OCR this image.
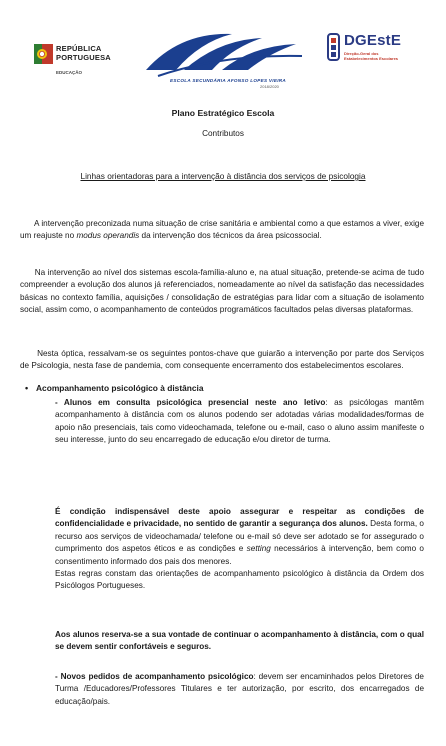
REPÚBLICA
PORTUGUESA
EDUCAÇÃO
ESCOLA SECUNDÁRIA AFONSO LOPES VIEIRA
2018/2020
DGEstE
Direção-Geral dos
Estabelecimentos Escolares
Plano Estratégico Escola
Contributos
Linhas orientadoras para a intervenção à distância dos serviços de psicologia
A intervenção preconizada numa situação de crise sanitária e ambiental como a que estamos a viver, exige um reajuste no modus operandis da intervenção dos técnicos da área psicossocial.
Na intervenção ao nível dos sistemas escola-família-aluno e, na atual situação, pretende-se acima de tudo compreender a evolução dos alunos já referenciados, nomeadamente ao nível da satisfação das necessidades básicas no contexto família, aquisições / consolidação de estratégias para lidar com a situação de isolamento social, assim como, o acompanhamento de conteúdos programáticos facultados pelas diversas plataformas.
Nesta óptica, ressalvam-se os seguintes pontos-chave que guiarão a intervenção por parte dos Serviços de Psicologia, nesta fase de pandemia, com consequente encerramento dos estabelecimentos escolares.
• Acompanhamento psicológico à distância
- Alunos em consulta psicológica presencial neste ano letivo: as psicólogas mantêm acompanhamento à distância com os alunos podendo ser adotadas várias modalidades/formas de apoio não presenciais, tais como videochamada, telefone ou e-mail, caso o aluno assim manifeste o seu interesse, junto do seu encarregado de educação e/ou diretor de turma.
É condição indispensável deste apoio assegurar e respeitar as condições de confidencialidade e privacidade, no sentido de garantir a segurança dos alunos. Desta forma, o recurso aos serviços de videochamada/ telefone ou e-mail só deve ser adotado se for assegurado o cumprimento dos aspetos éticos e as condições e setting necessários à intervenção, bem como o consentimento informado dos pais dos menores.
Estas regras constam das orientações de acompanhamento psicológico à distância da Ordem dos Psicólogos Portugueses.
Aos alunos reserva-se a sua vontade de continuar o acompanhamento à distância, com o qual se devem sentir confortáveis e seguros.
- Novos pedidos de acompanhamento psicológico: devem ser encaminhados pelos Diretores de Turma /Educadores/Professores Titulares e ter autorização, por escrito, dos encarregados de educação/pais.
